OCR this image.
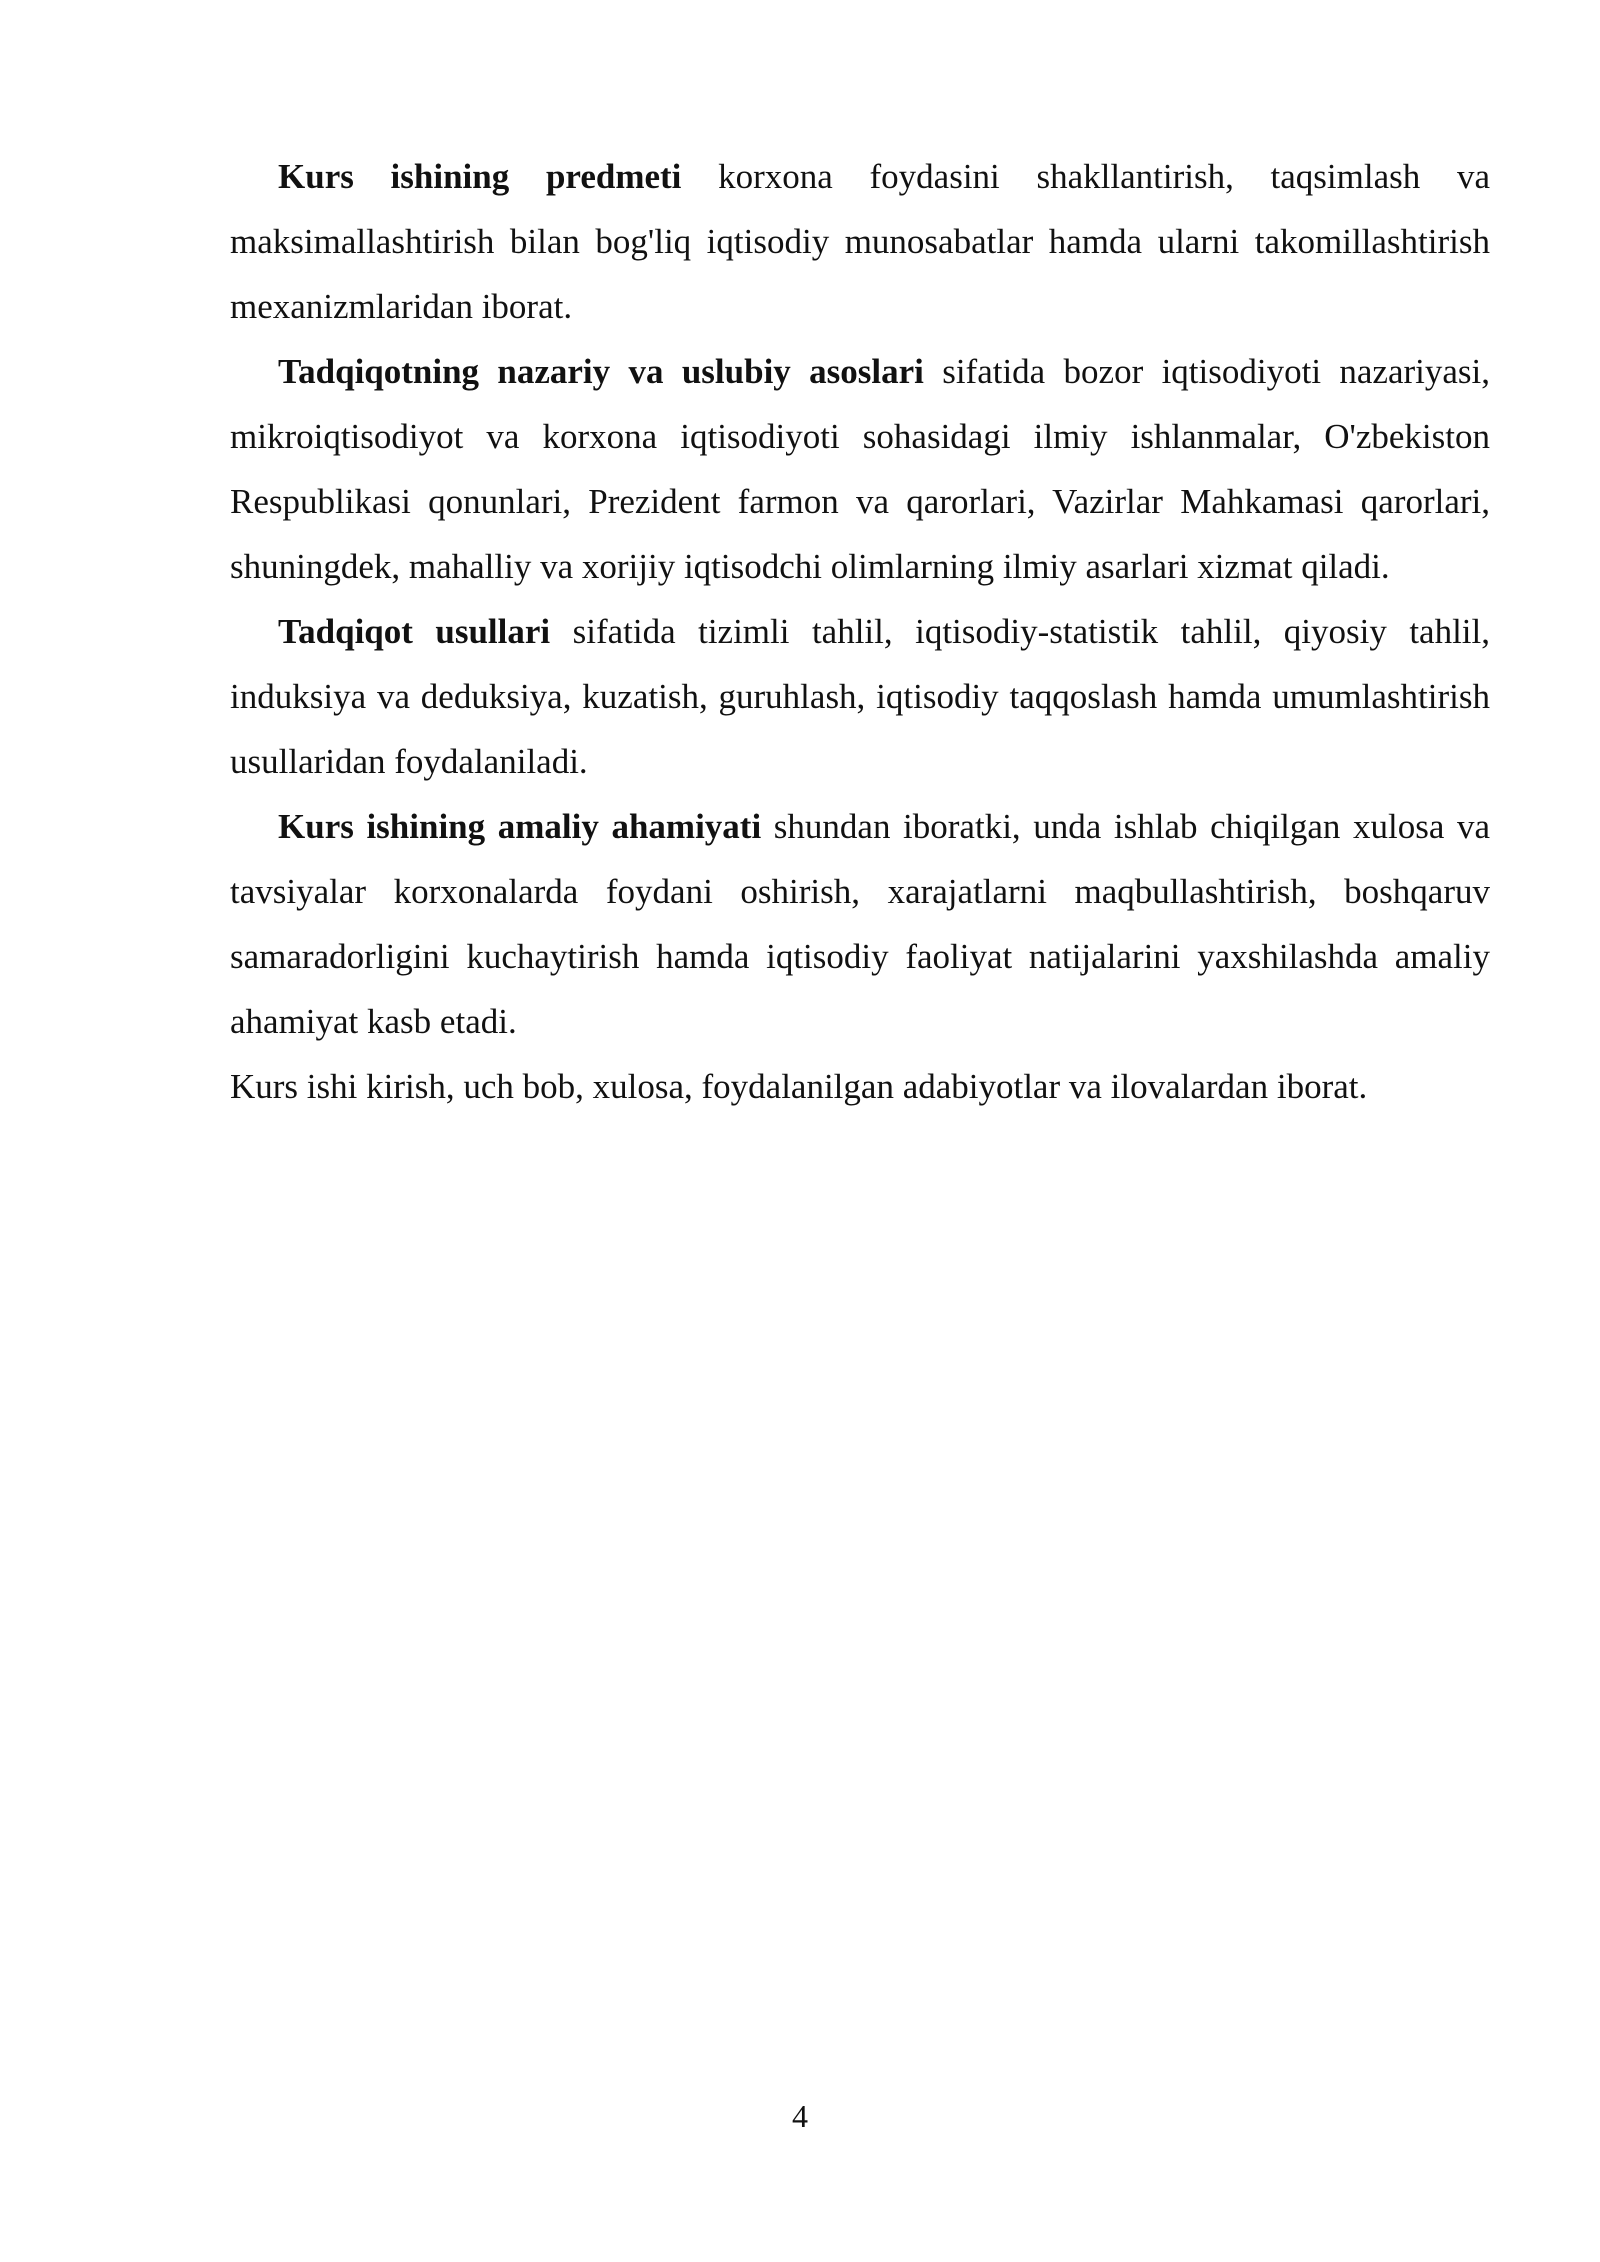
Kurs ishining predmeti korxona foydasini shakllantirish, taqsimlash va maksimallashtirish bilan bog'liq iqtisodiy munosabatlar hamda ularni takomillashtirish mexanizmlaridan iborat.

Tadqiqotning nazariy va uslubiy asoslari sifatida bozor iqtisodiyoti nazariyasi, mikroiqtisodiyot va korxona iqtisodiyoti sohasidagi ilmiy ishlanmalar, O'zbekiston Respublikasi qonunlari, Prezident farmon va qarorlari, Vazirlar Mahkamasi qarorlari, shuningdek, mahalliy va xorijiy iqtisodchi olimlarning ilmiy asarlari xizmat qiladi.

Tadqiqot usullari sifatida tizimli tahlil, iqtisodiy-statistik tahlil, qiyosiy tahlil, induksiya va deduksiya, kuzatish, guruhlash, iqtisodiy taqqoslash hamda umumlashtirish usullaridan foydalaniladi.

Kurs ishining amaliy ahamiyati shundan iboratki, unda ishlab chiqilgan xulosa va tavsiyalar korxonalarda foydani oshirish, xarajatlarni maqbullashtirish, boshqaruv samaradorligini kuchaytirish hamda iqtisodiy faoliyat natijalarini yaxshilashda amaliy ahamiyat kasb etadi.

Kurs ishi kirish, uch bob, xulosa, foydalanilgan adabiyotlar va ilovalardan iborat.

4
